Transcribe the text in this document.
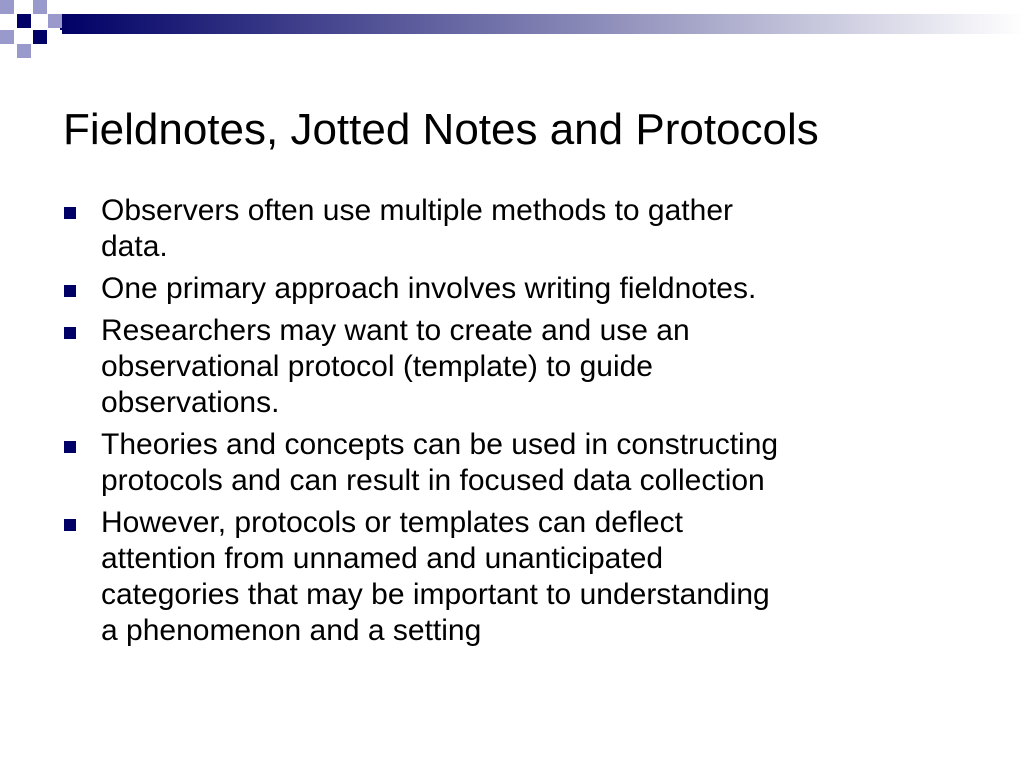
Fieldnotes, Jotted Notes and Protocols
Observers often use multiple methods to gather
data.
One primary approach involves writing fieldnotes.
Researchers may want to create and use an
observational protocol (template) to guide
observations.
Theories and concepts can be used in constructing
protocols and can result in focused data collection
However, protocols or templates can deflect
attention from unnamed and unanticipated
categories that may be important to understanding
a phenomenon and a setting
